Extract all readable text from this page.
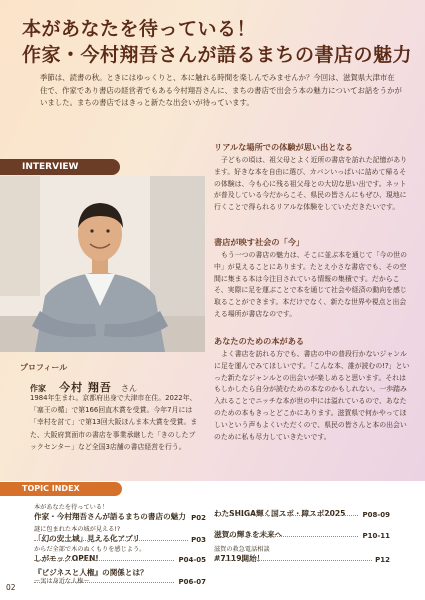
本があなたを待っている！
作家・今村翔吾さんが語るまちの書店の魅力
季節は、読書の秋。ときにはゆっくりと、本に触れる時間を楽しんでみませんか？今回は、滋賀県大津市在住で、作家であり書店の経営者でもある今村翔吾さんに、まちの書店で出会う本の魅力についてお話をうかがいました。まちの書店ではきっと新たな出会いが待っています。
INTERVIEW
プロフィール
作家 今村 翔吾 さん
1984年生まれ。京都府出身で大津市在住。2022年、「塞王の楯」で第166回直木賞を受賞。今年7月には「幸村を討て」で第13回大阪ほんま本大賞を受賞。また、大阪府箕面市の書店を事業承継した「きのしたブックセンター」など全国3店舗の書店経営を行う。

リアルな場所での体験が思い出となる

子どもの頃は、祖父母とよく近所の書店を訪れた記憶があります。好きな本を自由に選び、カバンいっぱいに詰めて帰るその体験は、今も心に残る祖父母との大切な思い出です。ネットが普及している今だからこそ、県民の皆さんにもぜひ、現地に行くことで得られるリアルな体験をしていただきたいです。

書店が映す社会の「今」

もう一つの書店の魅力は、そこに並ぶ本を通じて「今の世の中」が見えることにあります。たとえ小さな書店でも、その空間に集まる本は今注目されている情報の集積です。だからこそ、実際に足を運ぶことで本を通じて社会や経済の動向を感じ取ることができます。本だけでなく、新たな世界や視点と出会える場所が書店なのです。

あなたのための本がある

よく書店を訪れる方でも、書店の中の普段行かないジャンルに足を運んでみてほしいです。「こんな本、誰が読むの!?」といった新たなジャンルとの出会いが楽しめると思います。それはもしかしたら自分が読むための本なのかもしれない。一歩踏み入れることでニッチな本が世の中には溢れているので、あなたのための本もきっとどこかにあります。滋賀県で何かやってほしいという声もよくいただくので、県民の皆さんと本の出会いのために私も尽力していきたいです。

TOPIC INDEX
本があなたを待っている！
作家・今村翔吾さんが語るまちの書店の魅力 P02
謎に包まれた本の城が見える!?
「幻の安土城」見える化アプリ	P03
からだ全部で木のぬくもりを感じよう。
しがモックOPEN!	P04-05
『ビジネスと人権』の関係とは？
～実は身近な人権～	P06-07
わたSHIGA輝く国スポ・障スポ2025	P08-09
滋賀の輝きを未来へ	P10-11
滋賀の救急電話相談
#7119開始！	P12
02
